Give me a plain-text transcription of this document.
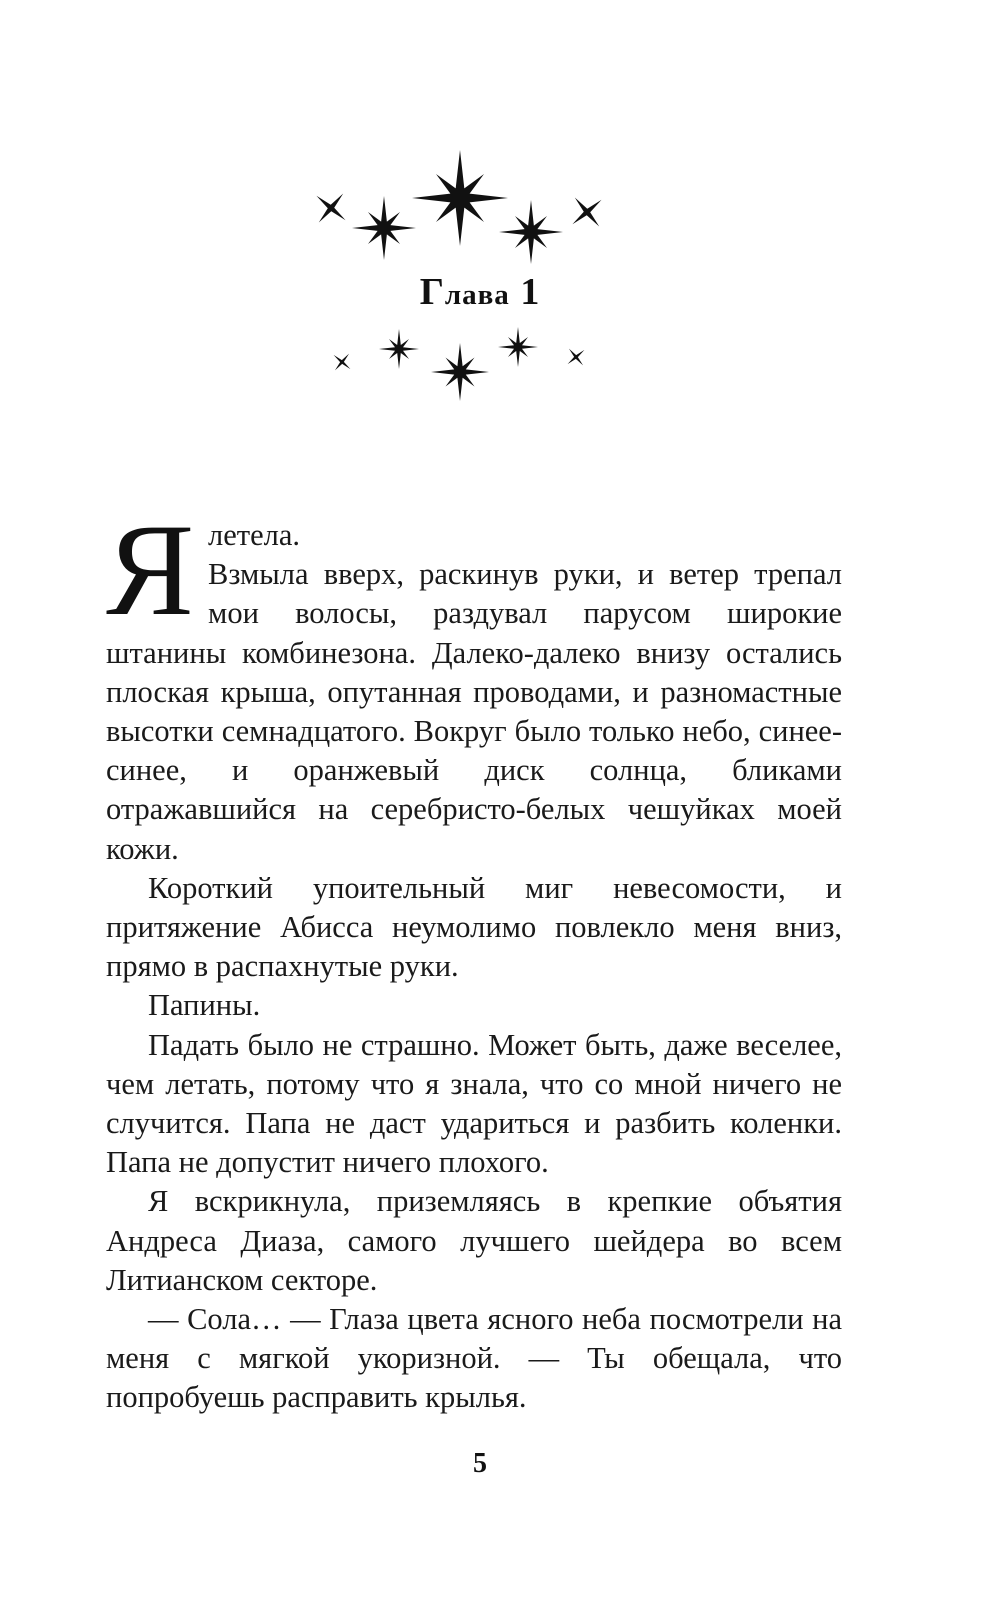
Глава 1

Ялетела.
Взмыла вверх, раскинув руки, и ветер трепал мои волосы, раздувал парусом широкие штанины комбинезона. Далеко-далеко внизу остались плоская крыша, опутанная проводами, и разномастные высотки семнадцатого. Вокруг было только небо, синее-синее, и оранжевый диск солнца, бликами отражавшийся на серебристо-белых чешуйках моей кожи.

Короткий упоительный миг невесомости, и притяжение Абисса неумолимо повлекло меня вниз, прямо в распахнутые руки.

Папины.

Падать было не страшно. Может быть, даже веселее, чем летать, потому что я знала, что со мной ничего не случится. Папа не даст удариться и разбить коленки. Папа не допустит ничего плохого.

Я вскрикнула, приземляясь в крепкие объятия Андреса Диаза, самого лучшего шейдера во всем Литианском секторе.

— Сола… — Глаза цвета ясного неба посмотрели на меня с мягкой укоризной. — Ты обещала, что попробуешь расправить крылья.

5
